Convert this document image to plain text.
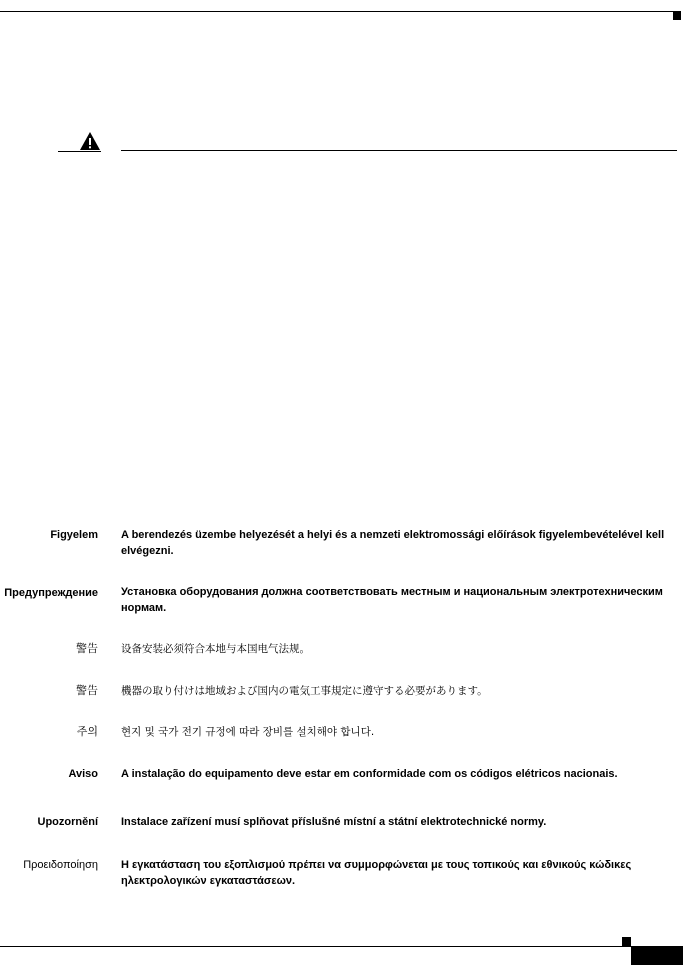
Figyelem A berendezés üzembe helyezését a helyi és a nemzeti elektromossági előírások figyelembevételével kell elvégezni.
Предупреждение Установка оборудования должна соответствовать местным и национальным электротехническим нормам.
警告 设备安装必须符合本地与本国电气法规。
警告 機器の取り付けは地域および国内の電気工事規定に遵守する必要があります。
주의 현지 및 국가 전기 규정에 따라 장비를 설치해야 합니다.
Aviso A instalação do equipamento deve estar em conformidade com os códigos elétricos nacionais.
Upozornění Instalace zařízení musí splňovat příslušné místní a státní elektrotechnické normy.
Προειδοποίηση Η εγκατάσταση του εξοπλισμού πρέπει να συμμορφώνεται με τους τοπικούς και εθνικούς κώδικες ηλεκτρολογικών εγκαταστάσεων.
